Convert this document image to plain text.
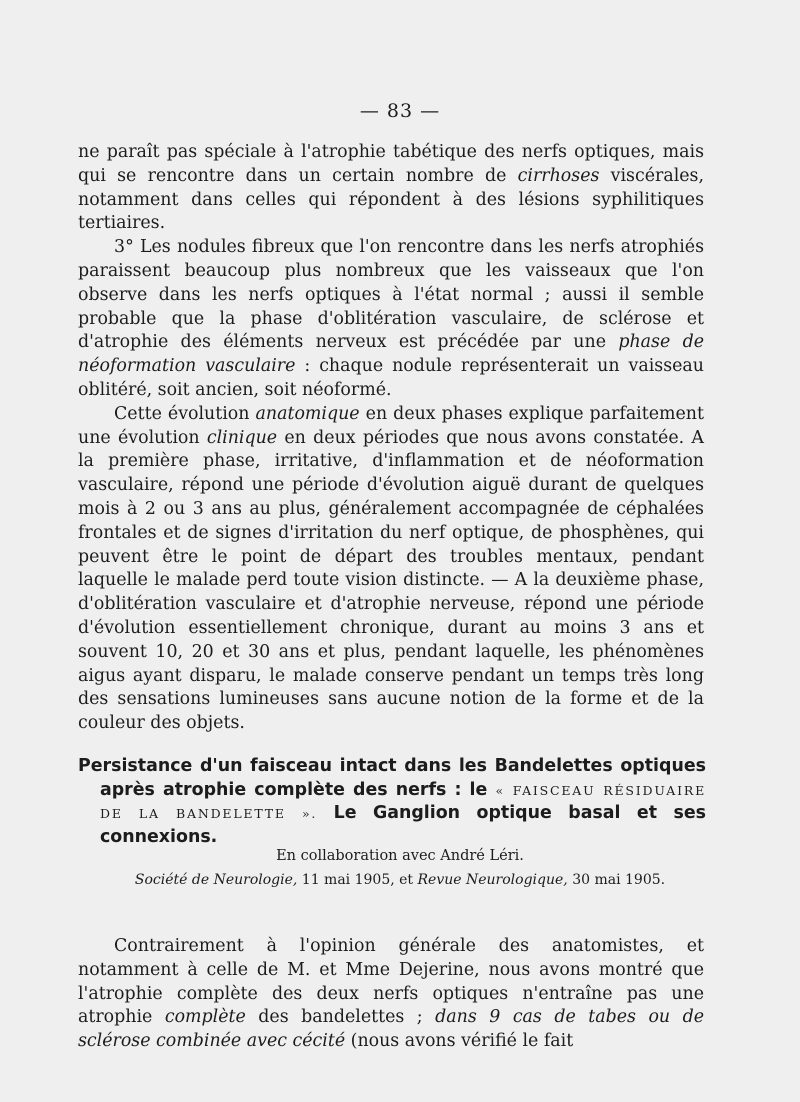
— 83 —

ne paraît pas spéciale à l'atrophie tabétique des nerfs optiques, mais qui se rencontre dans un certain nombre de cirrhoses viscérales, notamment dans celles qui répondent à des lésions syphilitiques tertiaires.

3° Les nodules fibreux que l'on rencontre dans les nerfs atrophiés paraissent beaucoup plus nombreux que les vaisseaux que l'on observe dans les nerfs optiques à l'état normal ; aussi il semble probable que la phase d'oblitération vasculaire, de sclérose et d'atrophie des éléments nerveux est précédée par une phase de néoformation vasculaire : chaque nodule représenterait un vaisseau oblitéré, soit ancien, soit néoformé.

Cette évolution anatomique en deux phases explique parfaitement une évolution clinique en deux périodes que nous avons constatée. A la première phase, irritative, d'inflammation et de néoformation vasculaire, répond une période d'évolution aiguë durant de quelques mois à 2 ou 3 ans au plus, généralement accompagnée de céphalées frontales et de signes d'irritation du nerf optique, de phosphènes, qui peuvent être le point de départ des troubles mentaux, pendant laquelle le malade perd toute vision distincte. — A la deuxième phase, d'oblitération vasculaire et d'atrophie nerveuse, répond une période d'évolution essentiellement chronique, durant au moins 3 ans et souvent 10, 20 et 30 ans et plus, pendant laquelle, les phénomènes aigus ayant disparu, le malade conserve pendant un temps très long des sensations lumineuses sans aucune notion de la forme et de la couleur des objets.

Persistance d'un faisceau intact dans les Bandelettes optiques après atrophie complète des nerfs : le « FAISCEAU RÉSIDUAIRE DE LA BANDELETTE ». Le Ganglion optique basal et ses connexions.
En collaboration avec André Léri.
Société de Neurologie, 11 mai 1905, et Revue Neurologique, 30 mai 1905.

Contrairement à l'opinion générale des anatomistes, et notamment à celle de M. et Mme Dejerine, nous avons montré que l'atrophie complète des deux nerfs optiques n'entraîne pas une atrophie complète des bandelettes ; dans 9 cas de tabes ou de sclérose combinée avec cécité (nous avons vérifié le fait
